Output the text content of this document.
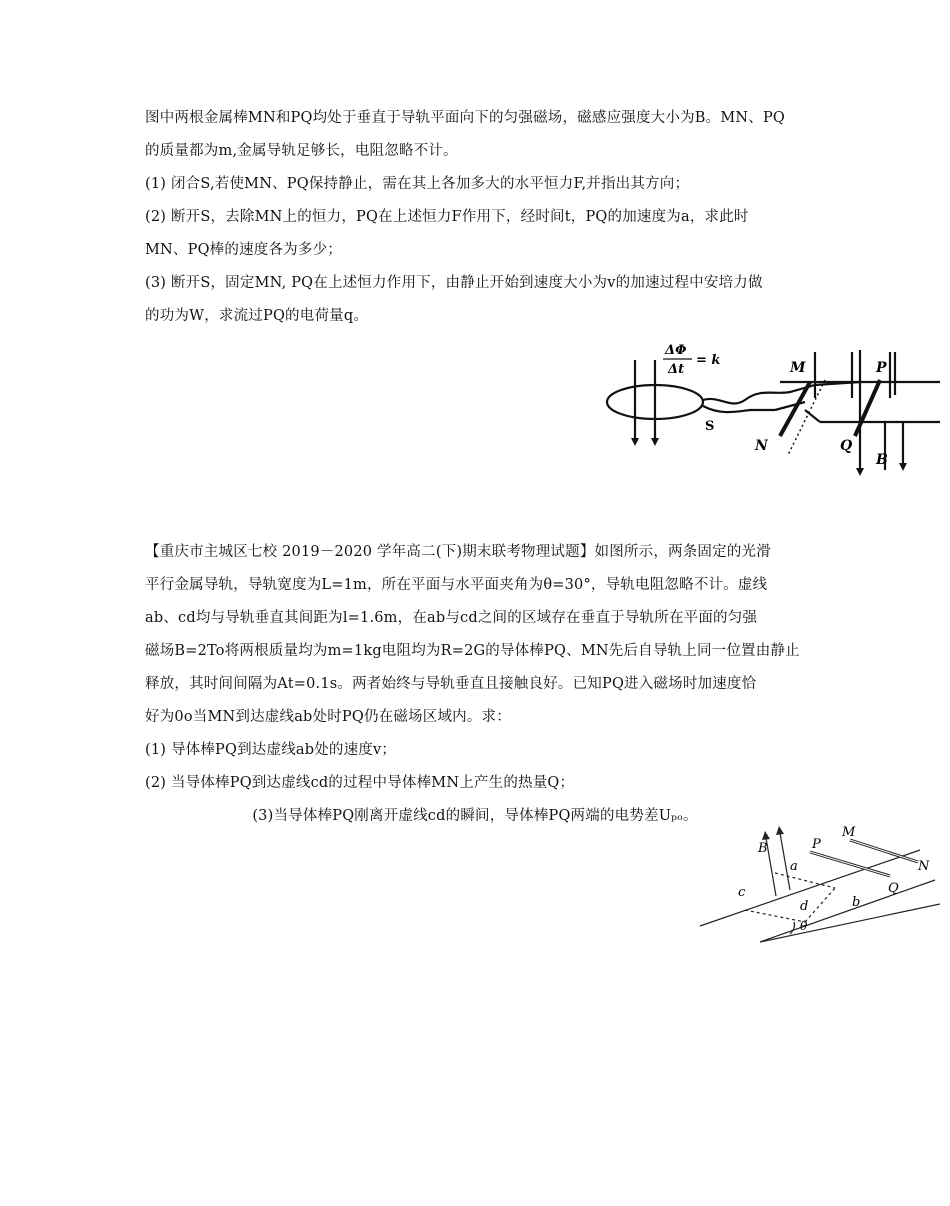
图中两根金属棒MN和PQ均处于垂直于导轨平面向下的匀强磁场，磁感应强度大小为B。MN、PQ
的质量都为m,金属导轨足够长，电阻忽略不计。
(1) 闭合S,若使MN、PQ保持静止，需在其上各加多大的水平恒力F,并指出其方向；
(2) 断开S，去除MN上的恒力，PQ在上述恒力F作用下，经时间t，PQ的加速度为a，求此时
MN、PQ棒的速度各为多少；
(3) 断开S，固定MN, PQ在上述恒力作用下，由静止开始到速度大小为v的加速过程中安培力做
的功为W，求流过PQ的电荷量q。
ΔΦ
Δt
= k	M	P
N	Q
S
B
【重庆市主城区七校 2019－2020 学年高二(下)期末联考物理试题】如图所示，两条固定的光滑
平行金属导轨，导轨宽度为L=1m，所在平面与水平面夹角为θ=30°，导轨电阻忽略不计。虚线
ab、cd均与导轨垂直其间距为l=1.6m，在ab与cd之间的区域存在垂直于导轨所在平面的匀强
磁场B=2To将两根质量均为m=1kg电阻均为R=2G的导体棒PQ、MN先后自导轨上同一位置由静止
释放，其时间间隔为At=0.1s。两者始终与导轨垂直且接触良好。已知PQ进入磁场时加速度恰
好为0o当MN到达虚线ab处时PQ仍在磁场区域内。求：
(1) 导体棒PQ到达虚线ab处的速度v；
(2) 当导体棒PQ到达虚线cd的过程中导体棒MN上产生的热量Q；
(3)当导体棒PQ刚离开虚线cd的瞬间，导体棒PQ两端的电势差Uₚₒ。
B
a
P
M
N
Q
c
b
d
θ
